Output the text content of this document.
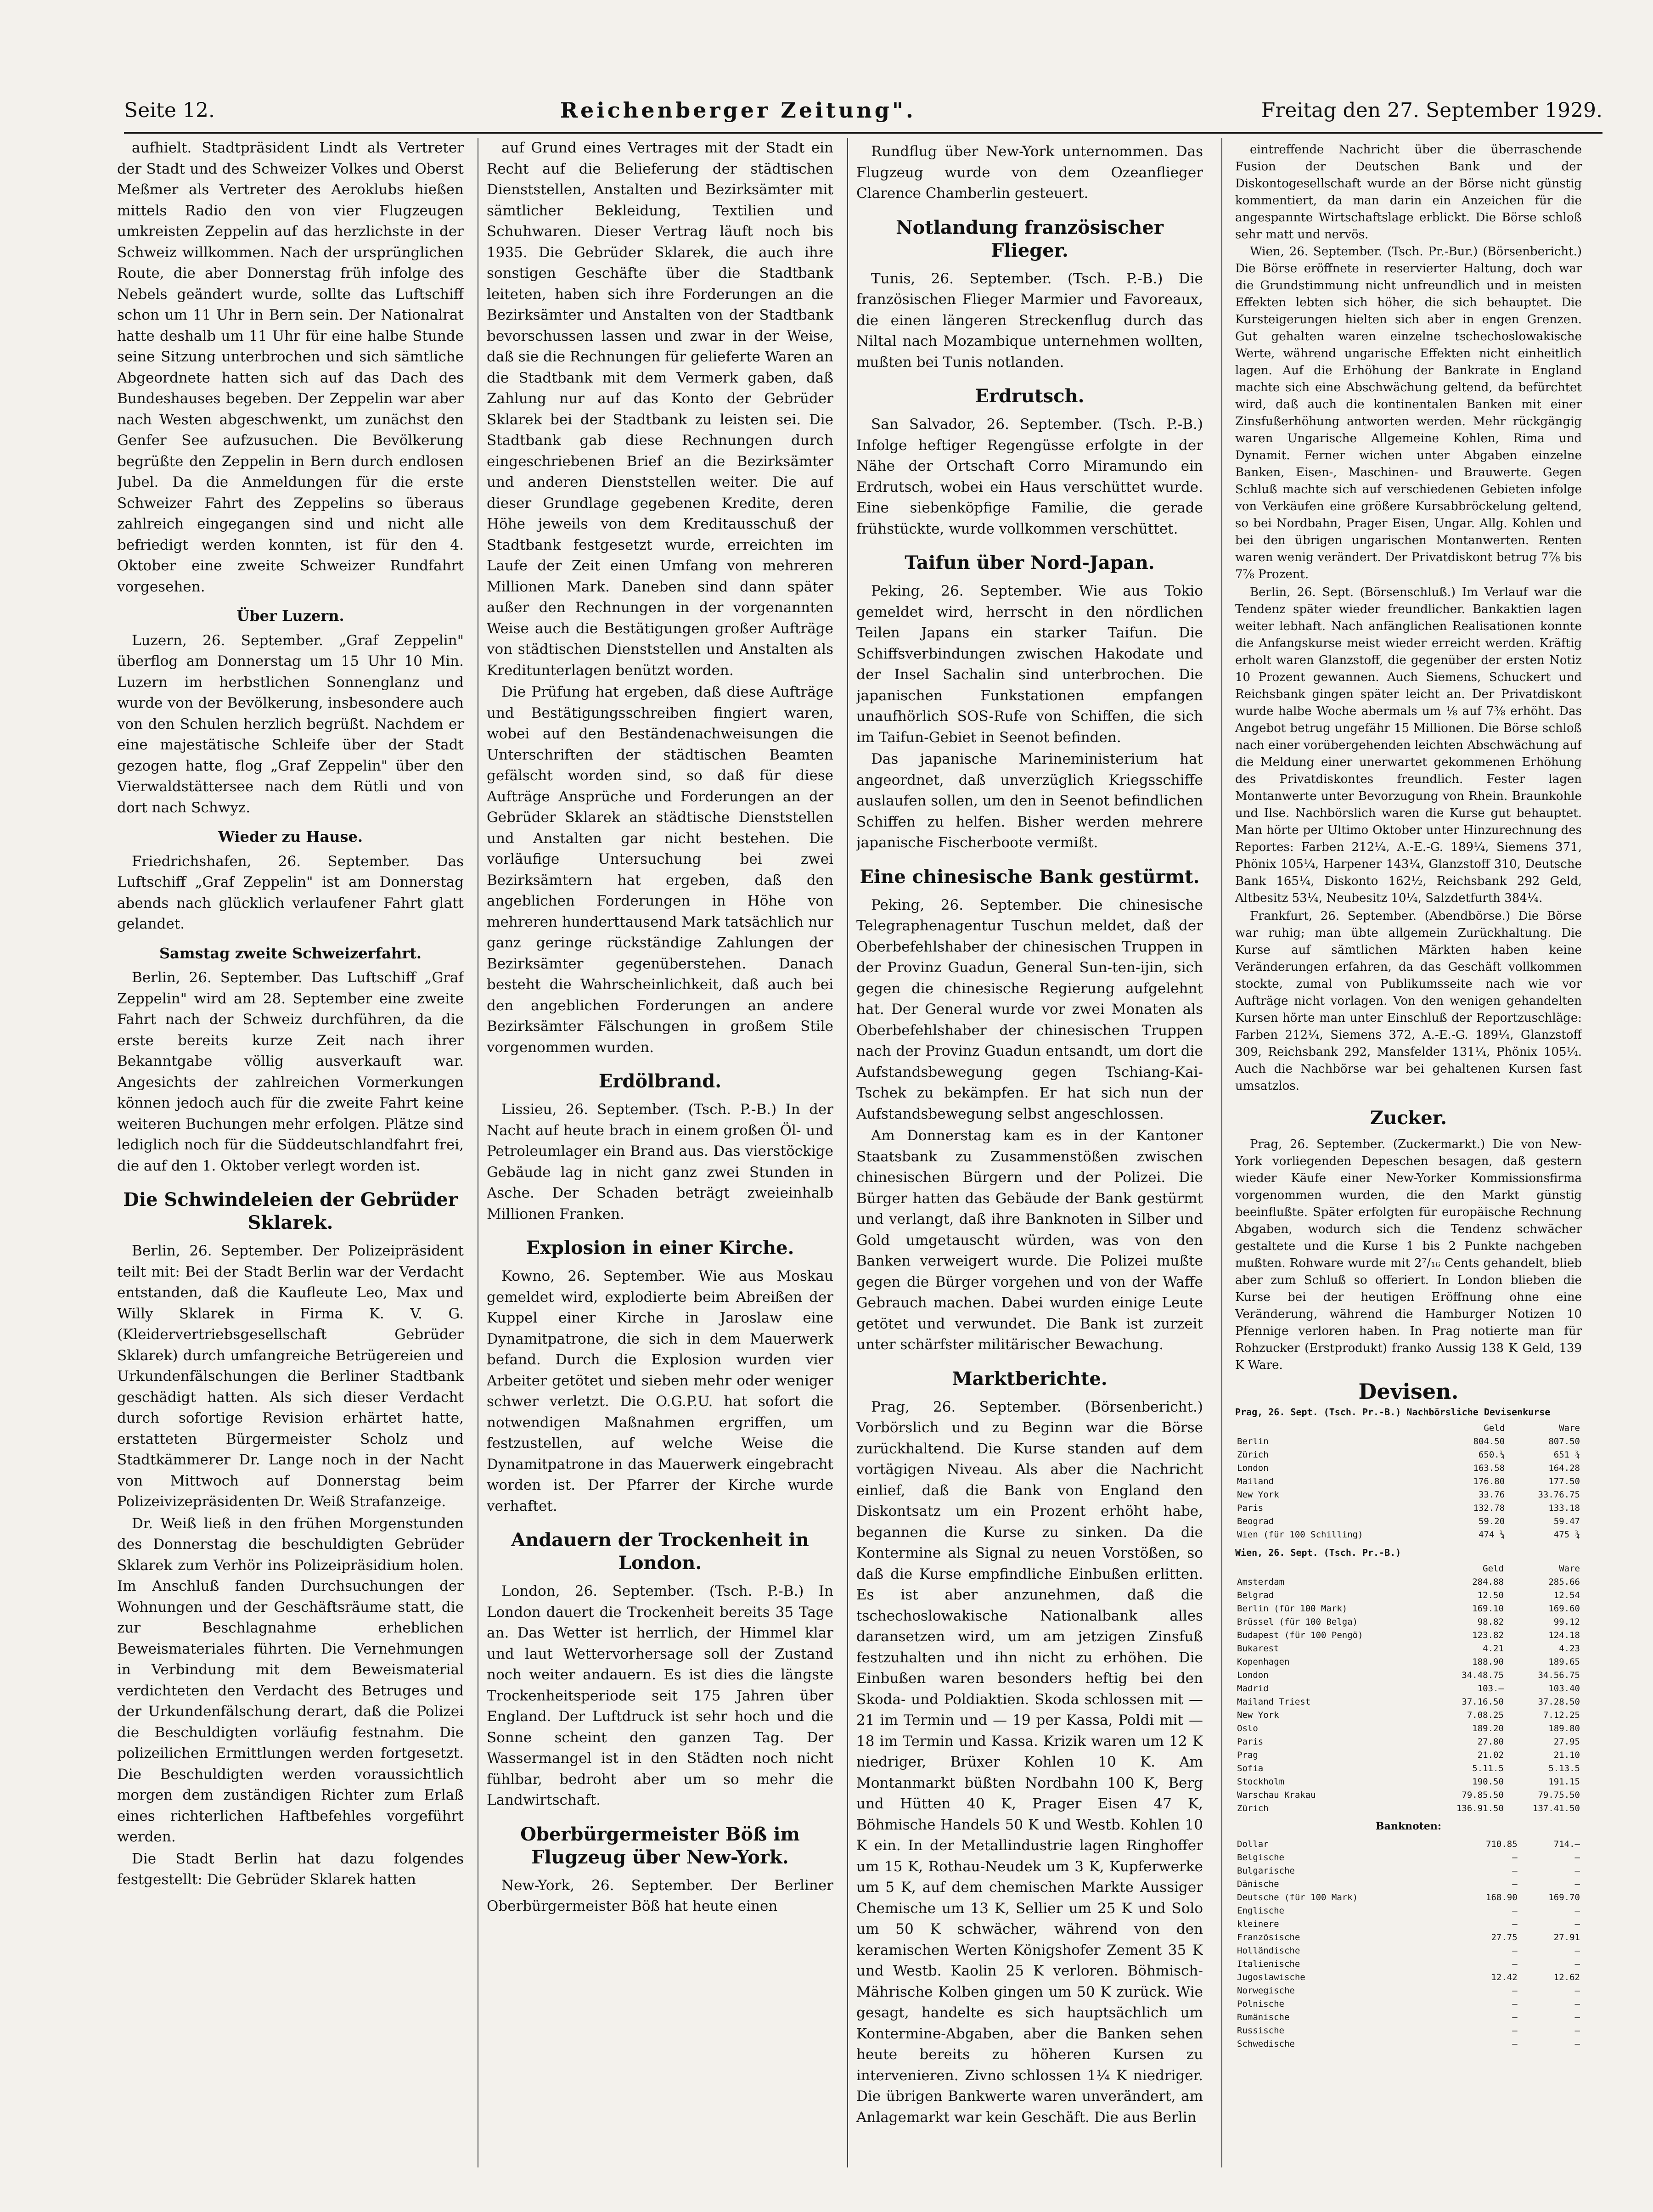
Seite 12.	Reichenberger Zeitung".	Freitag den 27. September 1929.

aufhielt. Stadtpräsident Lindt als Vertreter der Stadt und des Schweizer Volkes und Oberst Meßmer als Vertreter des Aeroklubs hießen mittels Radio den von vier Flugzeugen umkreisten Zeppelin auf das herzlichste in der Schweiz willkommen. Nach der ursprünglichen Route, die aber Donnerstag früh infolge des Nebels geändert wurde, sollte das Luftschiff schon um 11 Uhr in Bern sein. Der Nationalrat hatte deshalb um 11 Uhr für eine halbe Stunde seine Sitzung unterbrochen und sich sämtliche Abgeordnete hatten sich auf das Dach des Bundeshauses begeben. Der Zeppelin war aber nach Westen abgeschwenkt, um zunächst den Genfer See aufzusuchen. Die Bevölkerung begrüßte den Zeppelin in Bern durch endlosen Jubel. Da die Anmeldungen für die erste Schweizer Fahrt des Zeppelins so überaus zahlreich eingegangen sind und nicht alle befriedigt werden konnten, ist für den 4. Oktober eine zweite Schweizer Rundfahrt vorgesehen.

Über Luzern.

Luzern, 26. September. „Graf Zeppelin" überflog am Donnerstag um 15 Uhr 10 Min. Luzern im herbstlichen Sonnenglanz und wurde von der Bevölkerung, insbesondere auch von den Schulen herzlich begrüßt. Nachdem er eine majestätische Schleife über der Stadt gezogen hatte, flog „Graf Zeppelin" über den Vierwaldstättersee nach dem Rütli und von dort nach Schwyz.

Wieder zu Hause.

Friedrichshafen, 26. September. Das Luftschiff „Graf Zeppelin" ist am Donnerstag abends nach glücklich verlaufener Fahrt glatt gelandet.

Samstag zweite Schweizerfahrt.

Berlin, 26. September. Das Luftschiff „Graf Zeppelin" wird am 28. September eine zweite Fahrt nach der Schweiz durchführen, da die erste bereits kurze Zeit nach ihrer Bekanntgabe völlig ausverkauft war. Angesichts der zahlreichen Vormerkungen können jedoch auch für die zweite Fahrt keine weiteren Buchungen mehr erfolgen. Plätze sind lediglich noch für die Süddeutschlandfahrt frei, die auf den 1. Oktober verlegt worden ist.

Die Schwindeleien der Gebrüder Sklarek.

Berlin, 26. September. Der Polizeipräsident teilt mit: Bei der Stadt Berlin war der Verdacht entstanden, daß die Kaufleute Leo, Max und Willy Sklarek in Firma K. V. G. (Kleidervertriebsgesellschaft Gebrüder Sklarek) durch umfangreiche Betrügereien und Urkundenfälschungen die Berliner Stadtbank geschädigt hatten. Als sich dieser Verdacht durch sofortige Revision erhärtet hatte, erstatteten Bürgermeister Scholz und Stadtkämmerer Dr. Lange noch in der Nacht von Mittwoch auf Donnerstag beim Polizeivizepräsidenten Dr. Weiß Strafanzeige.

Dr. Weiß ließ in den frühen Morgenstunden des Donnerstag die beschuldigten Gebrüder Sklarek zum Verhör ins Polizeipräsidium holen. Im Anschluß fanden Durchsuchungen der Wohnungen und der Geschäftsräume statt, die zur Beschlagnahme erheblichen Beweismateriales führten. Die Vernehmungen in Verbindung mit dem Beweismaterial verdichteten den Verdacht des Betruges und der Urkundenfälschung derart, daß die Polizei die Beschuldigten vorläufig festnahm. Die polizeilichen Ermittlungen werden fortgesetzt. Die Beschuldigten werden voraussichtlich morgen dem zuständigen Richter zum Erlaß eines richterlichen Haftbefehles vorgeführt werden.

Die Stadt Berlin hat dazu folgendes festgestellt: Die Gebrüder Sklarek hatten

auf Grund eines Vertrages mit der Stadt ein Recht auf die Belieferung der städtischen Dienststellen, Anstalten und Bezirksämter mit sämtlicher Bekleidung, Textilien und Schuhwaren. Dieser Vertrag läuft noch bis 1935. Die Gebrüder Sklarek, die auch ihre sonstigen Geschäfte über die Stadtbank leiteten, haben sich ihre Forderungen an die Bezirksämter und Anstalten von der Stadtbank bevorschussen lassen und zwar in der Weise, daß sie die Rechnungen für gelieferte Waren an die Stadtbank mit dem Vermerk gaben, daß Zahlung nur auf das Konto der Gebrüder Sklarek bei der Stadtbank zu leisten sei. Die Stadtbank gab diese Rechnungen durch eingeschriebenen Brief an die Bezirksämter und anderen Dienststellen weiter. Die auf dieser Grundlage gegebenen Kredite, deren Höhe jeweils von dem Kreditausschuß der Stadtbank festgesetzt wurde, erreichten im Laufe der Zeit einen Umfang von mehreren Millionen Mark. Daneben sind dann später außer den Rechnungen in der vorgenannten Weise auch die Bestätigungen großer Aufträge von städtischen Dienststellen und Anstalten als Kreditunterlagen benützt worden.

Die Prüfung hat ergeben, daß diese Aufträge und Bestätigungsschreiben fingiert waren, wobei auf den Beständenachweisungen die Unterschriften der städtischen Beamten gefälscht worden sind, so daß für diese Aufträge Ansprüche und Forderungen an der Gebrüder Sklarek an städtische Dienststellen und Anstalten gar nicht bestehen. Die vorläufige Untersuchung bei zwei Bezirksämtern hat ergeben, daß den angeblichen Forderungen in Höhe von mehreren hunderttausend Mark tatsächlich nur ganz geringe rückständige Zahlungen der Bezirksämter gegenüberstehen. Danach besteht die Wahrscheinlichkeit, daß auch bei den angeblichen Forderungen an andere Bezirksämter Fälschungen in großem Stile vorgenommen wurden.

Erdölbrand.

Lissieu, 26. September. (Tsch. P.-B.) In der Nacht auf heute brach in einem großen Öl- und Petroleumlager ein Brand aus. Das vierstöckige Gebäude lag in nicht ganz zwei Stunden in Asche. Der Schaden beträgt zweieinhalb Millionen Franken.

Explosion in einer Kirche.

Kowno, 26. September. Wie aus Moskau gemeldet wird, explodierte beim Abreißen der Kuppel einer Kirche in Jaroslaw eine Dynamitpatrone, die sich in dem Mauerwerk befand. Durch die Explosion wurden vier Arbeiter getötet und sieben mehr oder weniger schwer verletzt. Die O.G.P.U. hat sofort die notwendigen Maßnahmen ergriffen, um festzustellen, auf welche Weise die Dynamitpatrone in das Mauerwerk eingebracht worden ist. Der Pfarrer der Kirche wurde verhaftet.

Andauern der Trockenheit in London.

London, 26. September. (Tsch. P.-B.) In London dauert die Trockenheit bereits 35 Tage an. Das Wetter ist herrlich, der Himmel klar und laut Wettervorhersage soll der Zustand noch weiter andauern. Es ist dies die längste Trockenheitsperiode seit 175 Jahren über England. Der Luftdruck ist sehr hoch und die Sonne scheint den ganzen Tag. Der Wassermangel ist in den Städten noch nicht fühlbar, bedroht aber um so mehr die Landwirtschaft.

Oberbürgermeister Böß im Flugzeug über New-York.

New-York, 26. September. Der Berliner Oberbürgermeister Böß hat heute einen

Rundflug über New-York unternommen. Das Flugzeug wurde von dem Ozeanflieger Clarence Chamberlin gesteuert.

Notlandung französischer Flieger.

Tunis, 26. September. (Tsch. P.-B.) Die französischen Flieger Marmier und Favoreaux, die einen längeren Streckenflug durch das Niltal nach Mozambique unternehmen wollten, mußten bei Tunis notlanden.

Erdrutsch.

San Salvador, 26. September. (Tsch. P.-B.) Infolge heftiger Regengüsse erfolgte in der Nähe der Ortschaft Corro Miramundo ein Erdrutsch, wobei ein Haus verschüttet wurde. Eine siebenköpfige Familie, die gerade frühstückte, wurde vollkommen verschüttet.

Taifun über Nord-Japan.

Peking, 26. September. Wie aus Tokio gemeldet wird, herrscht in den nördlichen Teilen Japans ein starker Taifun. Die Schiffsverbindungen zwischen Hakodate und der Insel Sachalin sind unterbrochen. Die japanischen Funkstationen empfangen unaufhörlich SOS-Rufe von Schiffen, die sich im Taifun-Gebiet in Seenot befinden.

Das japanische Marineministerium hat angeordnet, daß unverzüglich Kriegsschiffe auslaufen sollen, um den in Seenot befindlichen Schiffen zu helfen. Bisher werden mehrere japanische Fischerboote vermißt.

Eine chinesische Bank gestürmt.

Peking, 26. September. Die chinesische Telegraphenagentur Tuschun meldet, daß der Oberbefehlshaber der chinesischen Truppen in der Provinz Guadun, General Sun-ten-ijin, sich gegen die chinesische Regierung aufgelehnt hat. Der General wurde vor zwei Monaten als Oberbefehlshaber der chinesischen Truppen nach der Provinz Guadun entsandt, um dort die Aufstandsbewegung gegen Tschiang-Kai-Tschek zu bekämpfen. Er hat sich nun der Aufstandsbewegung selbst angeschlossen.

Am Donnerstag kam es in der Kantoner Staatsbank zu Zusammenstößen zwischen chinesischen Bürgern und der Polizei. Die Bürger hatten das Gebäude der Bank gestürmt und verlangt, daß ihre Banknoten in Silber und Gold umgetauscht würden, was von den Banken verweigert wurde. Die Polizei mußte gegen die Bürger vorgehen und von der Waffe Gebrauch machen. Dabei wurden einige Leute getötet und verwundet. Die Bank ist zurzeit unter schärfster militärischer Bewachung.

Marktberichte.

Prag, 26. September. (Börsenbericht.) Vorbörslich und zu Beginn war die Börse zurückhaltend. Die Kurse standen auf dem vortägigen Niveau. Als aber die Nachricht einlief, daß die Bank von England den Diskontsatz um ein Prozent erhöht habe, begannen die Kurse zu sinken. Da die Kontermine als Signal zu neuen Vorstößen, so daß die Kurse empfindliche Einbußen erlitten. Es ist aber anzunehmen, daß die tschechoslowakische Nationalbank alles daransetzen wird, um am jetzigen Zinsfuß festzuhalten und ihn nicht zu erhöhen. Die Einbußen waren besonders heftig bei den Skoda- und Poldiaktien. Skoda schlossen mit — 21 im Termin und — 19 per Kassa, Poldi mit — 18 im Termin und Kassa. Krizik waren um 12 K niedriger, Brüxer Kohlen 10 K. Am Montanmarkt büßten Nordbahn 100 K, Berg und Hütten 40 K, Prager Eisen 47 K, Böhmische Handels 50 K und Westb. Kohlen 10 K ein. In der Metallindustrie lagen Ringhoffer um 15 K, Rothau-Neudek um 3 K, Kupferwerke um 5 K, auf dem chemischen Markte Aussiger Chemische um 13 K, Sellier um 25 K und Solo um 50 K schwächer, während von den keramischen Werten Königshofer Zement 35 K und Westb. Kaolin 25 K verloren. Böhmisch-Mährische Kolben gingen um 50 K zurück. Wie gesagt, handelte es sich hauptsächlich um Kontermine-Abgaben, aber die Banken sehen heute bereits zu höheren Kursen zu intervenieren. Zivno schlossen 1¼ K niedriger. Die übrigen Bankwerte waren unverändert, am Anlagemarkt war kein Geschäft. Die aus Berlin

eintreffende Nachricht über die überraschende Fusion der Deutschen Bank und der Diskontogesellschaft wurde an der Börse nicht günstig kommentiert, da man darin ein Anzeichen für die angespannte Wirtschaftslage erblickt. Die Börse schloß sehr matt und nervös.

Wien, 26. September. (Tsch. Pr.-Bur.) (Börsenbericht.) Die Börse eröffnete in reservierter Haltung, doch war die Grundstimmung nicht unfreundlich und in meisten Effekten lebten sich höher, die sich behauptet. Die Kursteigerungen hielten sich aber in engen Grenzen. Gut gehalten waren einzelne tschechoslowakische Werte, während ungarische Effekten nicht einheitlich lagen. Auf die Erhöhung der Bankrate in England machte sich eine Abschwächung geltend, da befürchtet wird, daß auch die kontinentalen Banken mit einer Zinsfußerhöhung antworten werden. Mehr rückgängig waren Ungarische Allgemeine Kohlen, Rima und Dynamit. Ferner wichen unter Abgaben einzelne Banken, Eisen-, Maschinen- und Brauwerte. Gegen Schluß machte sich auf verschiedenen Gebieten infolge von Verkäufen eine größere Kursabbröckelung geltend, so bei Nordbahn, Prager Eisen, Ungar. Allg. Kohlen und bei den übrigen ungarischen Montanwerten. Renten waren wenig verändert. Der Privatdiskont betrug 7⅞ bis 7⅞ Prozent.

Berlin, 26. Sept. (Börsenschluß.) Im Verlauf war die Tendenz später wieder freundlicher. Bankaktien lagen weiter lebhaft. Nach anfänglichen Realisationen konnte die Anfangskurse meist wieder erreicht werden. Kräftig erholt waren Glanzstoff, die gegenüber der ersten Notiz 10 Prozent gewannen. Auch Siemens, Schuckert und Reichsbank gingen später leicht an. Der Privatdiskont wurde halbe Woche abermals um ⅛ auf 7⅜ erhöht. Das Angebot betrug ungefähr 15 Millionen. Die Börse schloß nach einer vorübergehenden leichten Abschwächung auf die Meldung einer unerwartet gekommenen Erhöhung des Privatdiskontes freundlich. Fester lagen Montanwerte unter Bevorzugung von Rhein. Braunkohle und Ilse. Nachbörslich waren die Kurse gut behauptet. Man hörte per Ultimo Oktober unter Hinzurechnung des Reportes: Farben 212¼, A.-E.-G. 189¼, Siemens 371, Phönix 105¼, Harpener 143¼, Glanzstoff 310, Deutsche Bank 165¼, Diskonto 162½, Reichsbank 292 Geld, Altbesitz 53¼, Neubesitz 10¼, Salzdetfurth 384¼.

Frankfurt, 26. September. (Abendbörse.) Die Börse war ruhig; man übte allgemein Zurückhaltung. Die Kurse auf sämtlichen Märkten haben keine Veränderungen erfahren, da das Geschäft vollkommen stockte, zumal von Publikumsseite nach wie vor Aufträge nicht vorlagen. Von den wenigen gehandelten Kursen hörte man unter Einschluß der Reportzuschläge: Farben 212¼, Siemens 372, A.-E.-G. 189¼, Glanzstoff 309, Reichsbank 292, Mansfelder 131¼, Phönix 105¼. Auch die Nachbörse war bei gehaltenen Kursen fast umsatzlos.

Zucker.

Prag, 26. September. (Zuckermarkt.) Die von New-York vorliegenden Depeschen besagen, daß gestern wieder Käufe einer New-Yorker Kommissionsfirma vorgenommen wurden, die den Markt günstig beeinflußte. Später erfolgten für europäische Rechnung Abgaben, wodurch sich die Tendenz schwächer gestaltete und die Kurse 1 bis 2 Punkte nachgeben mußten. Rohware wurde mit 2⁷/₁₆ Cents gehandelt, blieb aber zum Schluß so offeriert. In London blieben die Kurse bei der heutigen Eröffnung ohne eine Veränderung, während die Hamburger Notizen 10 Pfennige verloren haben. In Prag notierte man für Rohzucker (Erstprodukt) franko Aussig 138 K Geld, 139 K Ware.

Devisen.
Prag, 26. Sept. (Tsch. Pr.-B.) Nachbörsliche Devisenkurse
	Geld	Ware
Berlin	804.50	807.50
Zürich	650.¼	651 ¾
London	163.58	164.28
Mailand	176.80	177.50
New York	33.76	33.76.75
Paris	132.78	133.18
Beograd	59.20	59.47
Wien (für 100 Schilling)	474 ¼	475 ¾
Wien, 26. Sept. (Tsch. Pr.-B.)
	Geld	Ware
Amsterdam	284.88	285.66
Belgrad	12.50	12.54
Berlin (für 100 Mark)	169.10	169.60
Brüssel (für 100 Belga)	98.82	99.12
Budapest (für 100 Pengö)	123.82	124.18
Bukarest	4.21	4.23
Kopenhagen	188.90	189.65
London	34.48.75	34.56.75
Madrid	103.—	103.40
Mailand Triest	37.16.50	37.28.50
New York	7.08.25	7.12.25
Oslo	189.20	189.80
Paris	27.80	27.95
Prag	21.02	21.10
Sofia	5.11.5	5.13.5
Stockholm	190.50	191.15
Warschau Krakau	79.85.50	79.75.50
Zürich	136.91.50	137.41.50
Banknoten:
Dollar	710.85	714.—
Belgische	—	—
Bulgarische	—	—
Dänische	—	—
Deutsche (für 100 Mark)	168.90	169.70
Englische	—	—
kleinere	—	—
Französische	27.75	27.91
Holländische	—	—
Italienische	—	—
Jugoslawische	12.42	12.62
Norwegische	—	—
Polnische	—	—
Rumänische	—	—
Russische	—	—
Schwedische	—	—
